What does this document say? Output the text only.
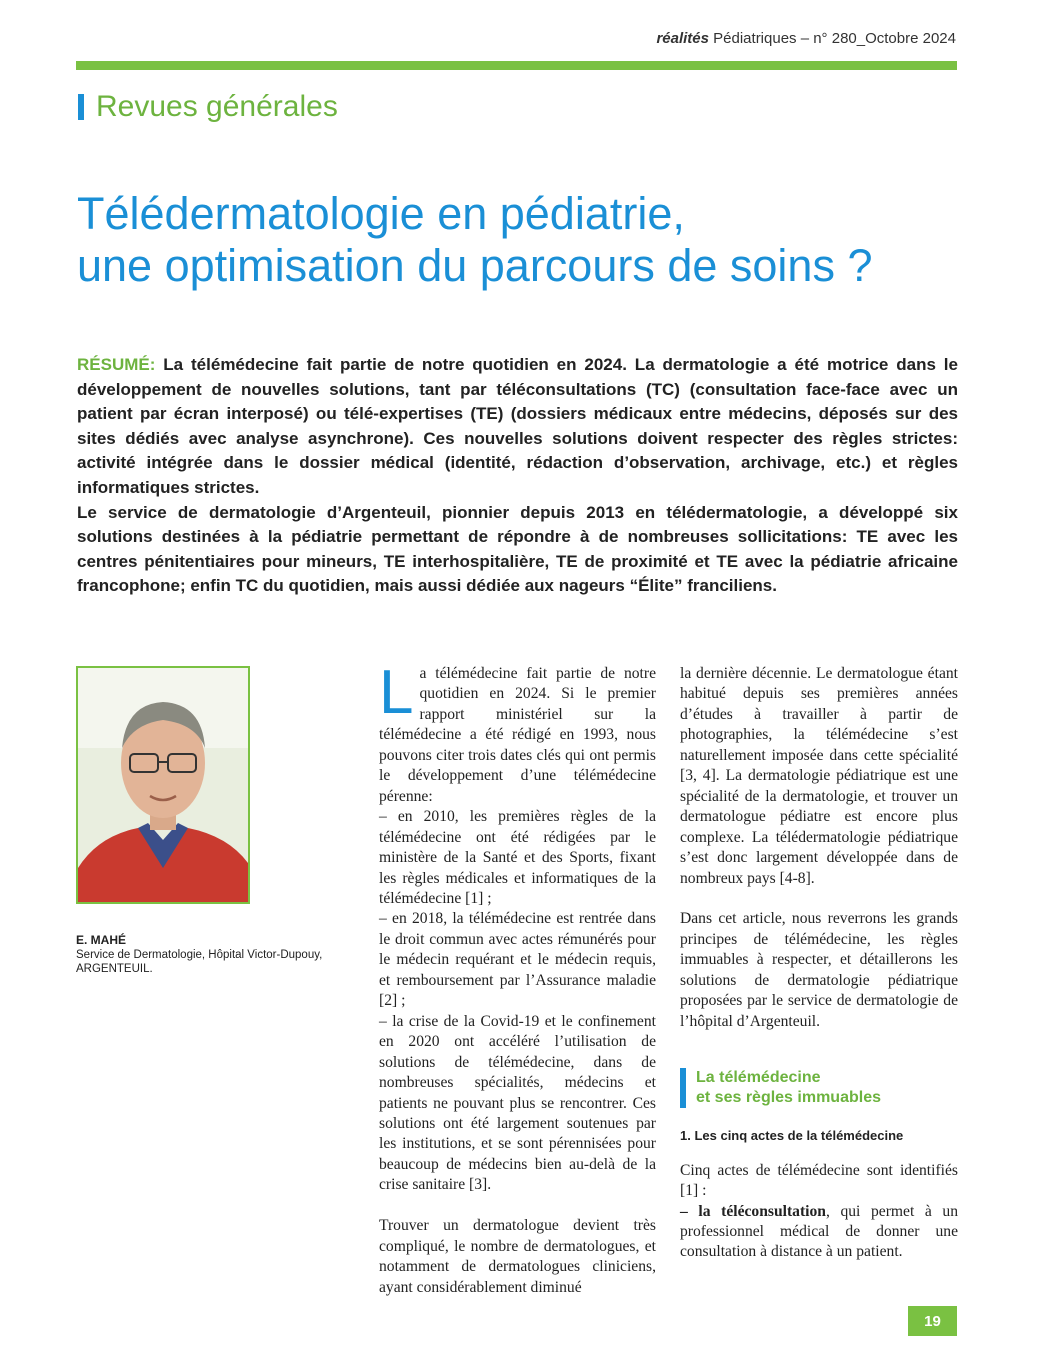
réalités Pédiatriques – n° 280_Octobre 2024
Revues générales
Télédermatologie en pédiatrie,
une optimisation du parcours de soins ?

RÉSUMÉ: La télémédecine fait partie de notre quotidien en 2024. La dermatologie a été motrice dans le développement de nouvelles solutions, tant par téléconsultations (TC) (consultation face-face avec un patient par écran interposé) ou télé-expertises (TE) (dossiers médicaux entre médecins, déposés sur des sites dédiés avec analyse asynchrone). Ces nouvelles solutions doivent respecter des règles strictes: activité intégrée dans le dossier médical (identité, rédaction d’observation, archivage, etc.) et règles informatiques strictes.

Le service de dermatologie d’Argenteuil, pionnier depuis 2013 en télédermatologie, a développé six solutions destinées à la pédiatrie permettant de répondre à de nombreuses sollicitations: TE avec les centres pénitentiaires pour mineurs, TE interhospitalière, TE de proximité et TE avec la pédiatrie africaine francophone; enfin TC du quotidien, mais aussi dédiée aux nageurs “Élite” franciliens.

E. MAHÉ
Service de Dermatologie, Hôpital Victor-Dupouy, ARGENTEUIL.
L a télémédecine fait partie de notre quotidien en 2024. Si le premier rapport ministériel sur la télémédecine a été rédigé en 1993, nous pouvons citer trois dates clés qui ont permis le développement d’une télémédecine pérenne:

– en 2010, les premières règles de la télémédecine ont été rédigées par le ministère de la Santé et des Sports, fixant les règles médicales et informatiques de la télémédecine [1] ;

– en 2018, la télémédecine est rentrée dans le droit commun avec actes rémunérés pour le médecin requérant et le médecin requis, et remboursement par l’Assurance maladie [2] ;

– la crise de la Covid-19 et le confinement en 2020 ont accéléré l’utilisation de solutions de télémédecine, dans de nombreuses spécialités, médecins et patients ne pouvant plus se rencontrer. Ces solutions ont été largement soutenues par les institutions, et se sont pérennisées pour beaucoup de médecins bien au-delà de la crise sanitaire [3].

Trouver un dermatologue devient très compliqué, le nombre de dermatologues, et notamment de dermatologues cliniciens, ayant considérablement diminué

la dernière décennie. Le dermatologue étant habitué depuis ses premières années d’études à travailler à partir de photographies, la télémédecine s’est naturellement imposée dans cette spécialité [3, 4]. La dermatologie pédiatrique est une spécialité de la dermatologie, et trouver un dermatologue pédiatre est encore plus complexe. La télédermatologie pédiatrique s’est donc largement développée dans de nombreux pays [4-8].

Dans cet article, nous reverrons les grands principes de télémédecine, les règles immuables à respecter, et détaillerons les solutions de dermatologie pédiatrique proposées par le service de dermatologie de l’hôpital d’Argenteuil.

La télémédecine
et ses règles immuables
1. Les cinq actes de la télémédecine

Cinq actes de télémédecine sont identifiés [1] :

– la téléconsultation, qui permet à un professionnel médical de donner une consultation à distance à un patient.

19
